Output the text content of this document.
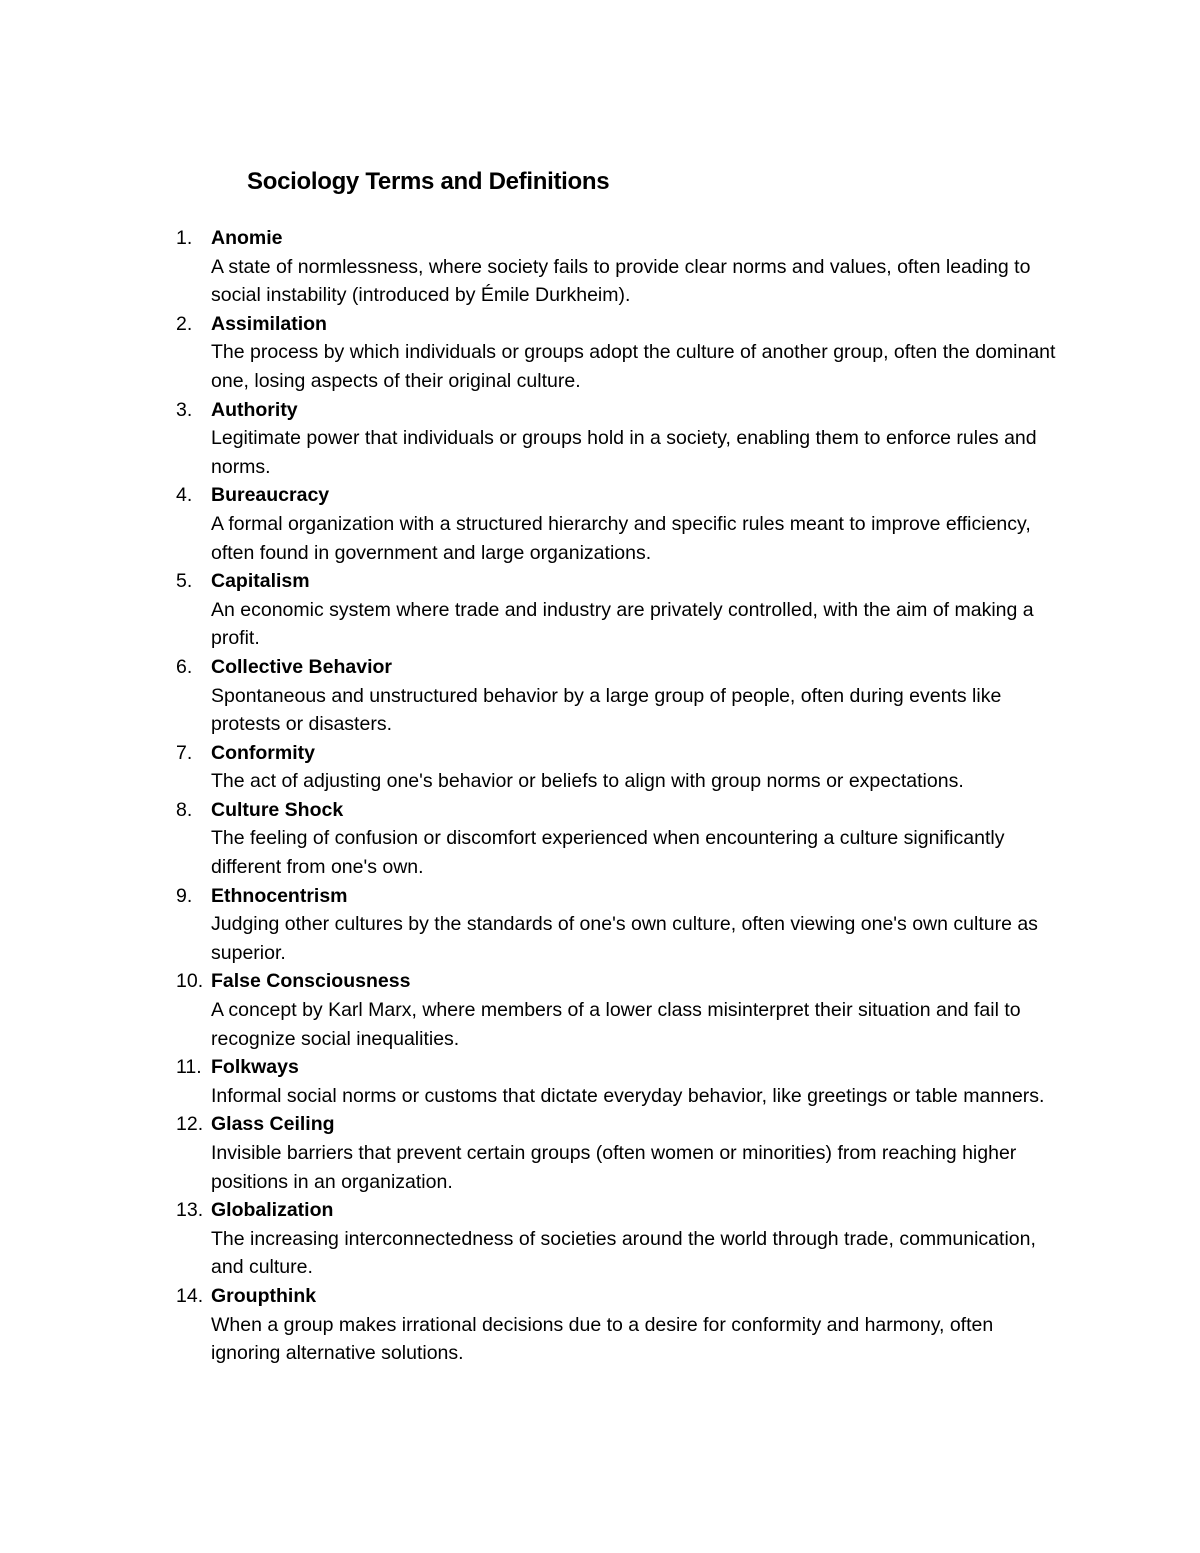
Sociology Terms and Definitions
1. Anomie
A state of normlessness, where society fails to provide clear norms and values, often leading to social instability (introduced by Émile Durkheim).
2. Assimilation
The process by which individuals or groups adopt the culture of another group, often the dominant one, losing aspects of their original culture.
3. Authority
Legitimate power that individuals or groups hold in a society, enabling them to enforce rules and norms.
4. Bureaucracy
A formal organization with a structured hierarchy and specific rules meant to improve efficiency, often found in government and large organizations.
5. Capitalism
An economic system where trade and industry are privately controlled, with the aim of making a profit.
6. Collective Behavior
Spontaneous and unstructured behavior by a large group of people, often during events like protests or disasters.
7. Conformity
The act of adjusting one's behavior or beliefs to align with group norms or expectations.
8. Culture Shock
The feeling of confusion or discomfort experienced when encountering a culture significantly different from one's own.
9. Ethnocentrism
Judging other cultures by the standards of one's own culture, often viewing one's own culture as superior.
10. False Consciousness
A concept by Karl Marx, where members of a lower class misinterpret their situation and fail to recognize social inequalities.
11. Folkways
Informal social norms or customs that dictate everyday behavior, like greetings or table manners.
12. Glass Ceiling
Invisible barriers that prevent certain groups (often women or minorities) from reaching higher positions in an organization.
13. Globalization
The increasing interconnectedness of societies around the world through trade, communication, and culture.
14. Groupthink
When a group makes irrational decisions due to a desire for conformity and harmony, often ignoring alternative solutions.
